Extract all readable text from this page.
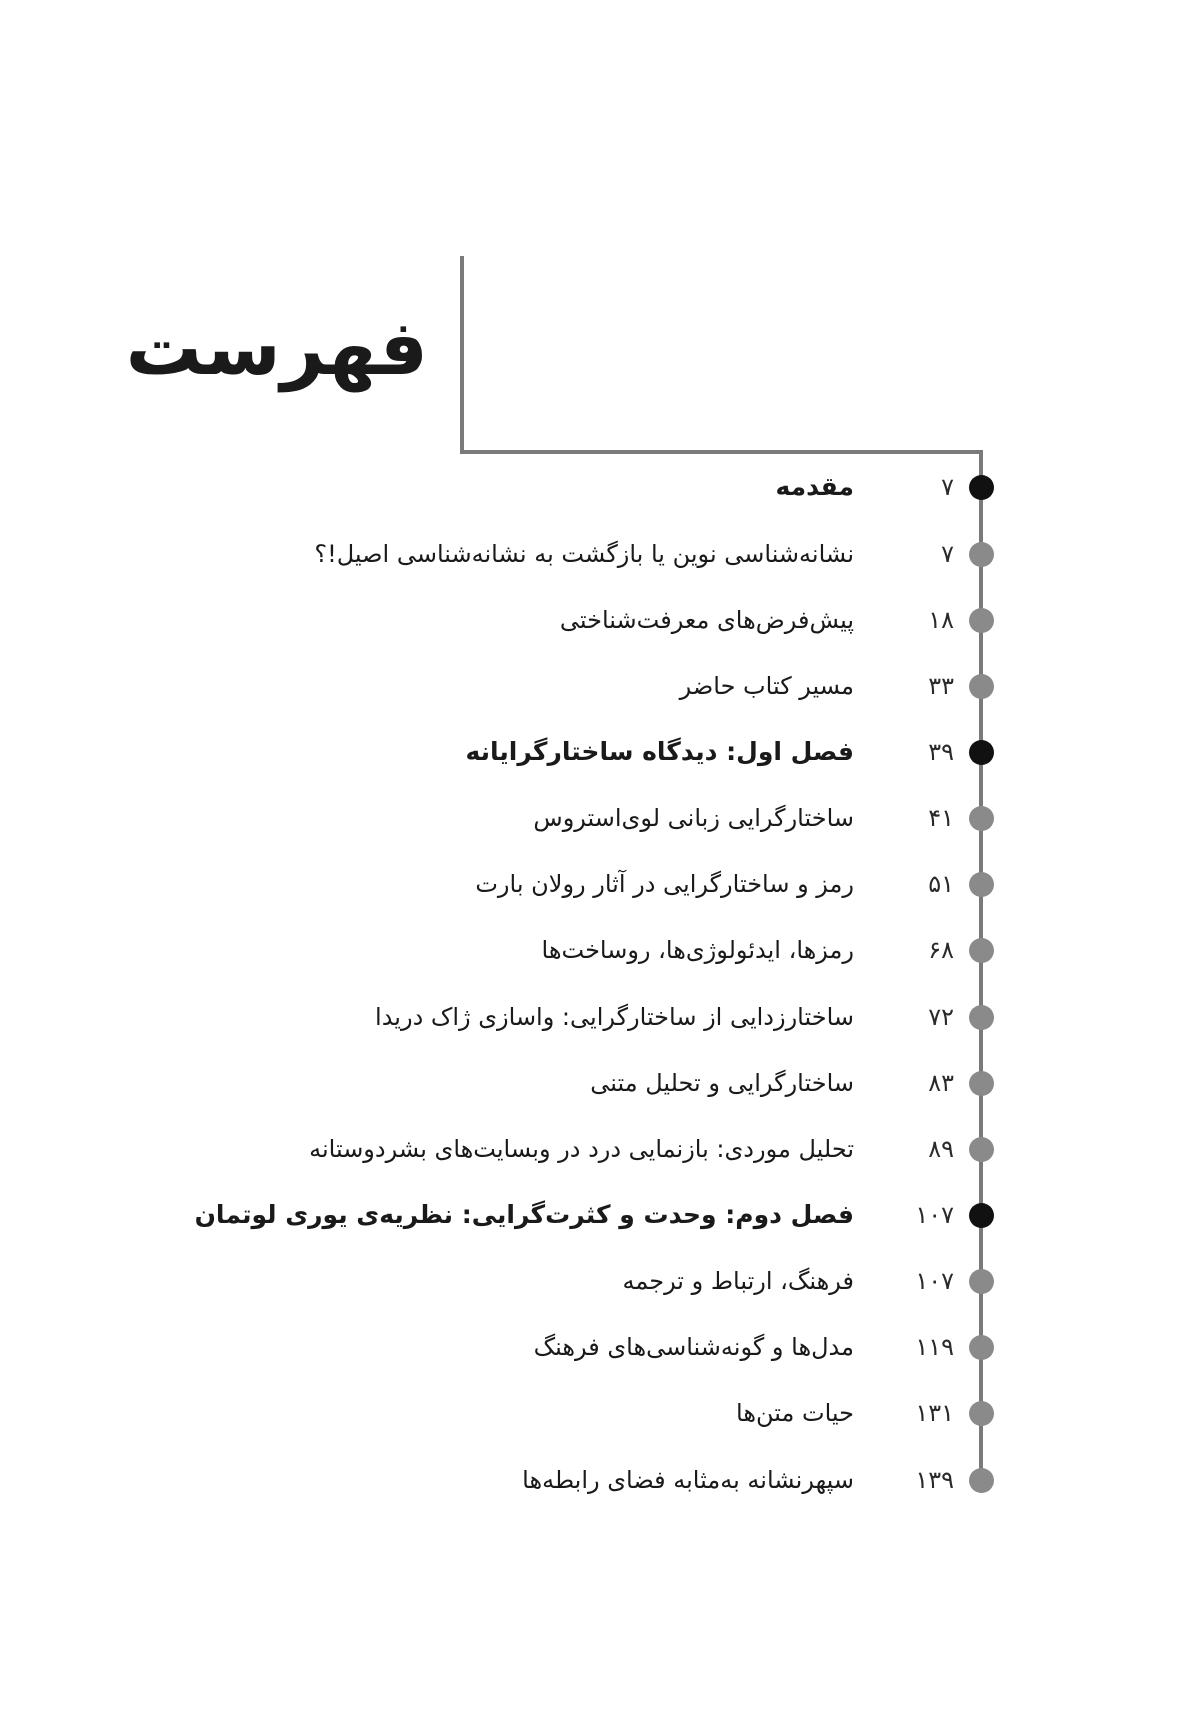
فهرست
۷
مقدمه
۷
نشانه‌شناسی نوین یا بازگشت به نشانه‌شناسی اصیل!؟
۱۸
پیش‌فرض‌های معرفت‌شناختی
۳۳
مسیر کتاب حاضر
۳۹
فصل اول: دیدگاه ساختارگرایانه
۴۱
ساختارگرایی زبانی لوی‌استروس
۵۱
رمز و ساختارگرایی در آثار رولان بارت
۶۸
رمزها، ایدئولوژی‌ها، روساخت‌ها
۷۲
ساختارزدایی از ساختارگرایی: واسازی ژاک دریدا
۸۳
ساختارگرایی و تحلیل متنی
۸۹
تحلیل موردی: بازنمایی درد در وبسایت‌های بشردوستانه
۱۰۷
فصل دوم: وحدت و کثرت‌گرایی: نظریه‌ی یوری لوتمان
۱۰۷
فرهنگ، ارتباط و ترجمه
۱۱۹
مدل‌ها و گونه‌شناسی‌های فرهنگ
۱۳۱
حیات متن‌ها
۱۳۹
سپهرنشانه به‌مثابه فضای رابطه‌ها
